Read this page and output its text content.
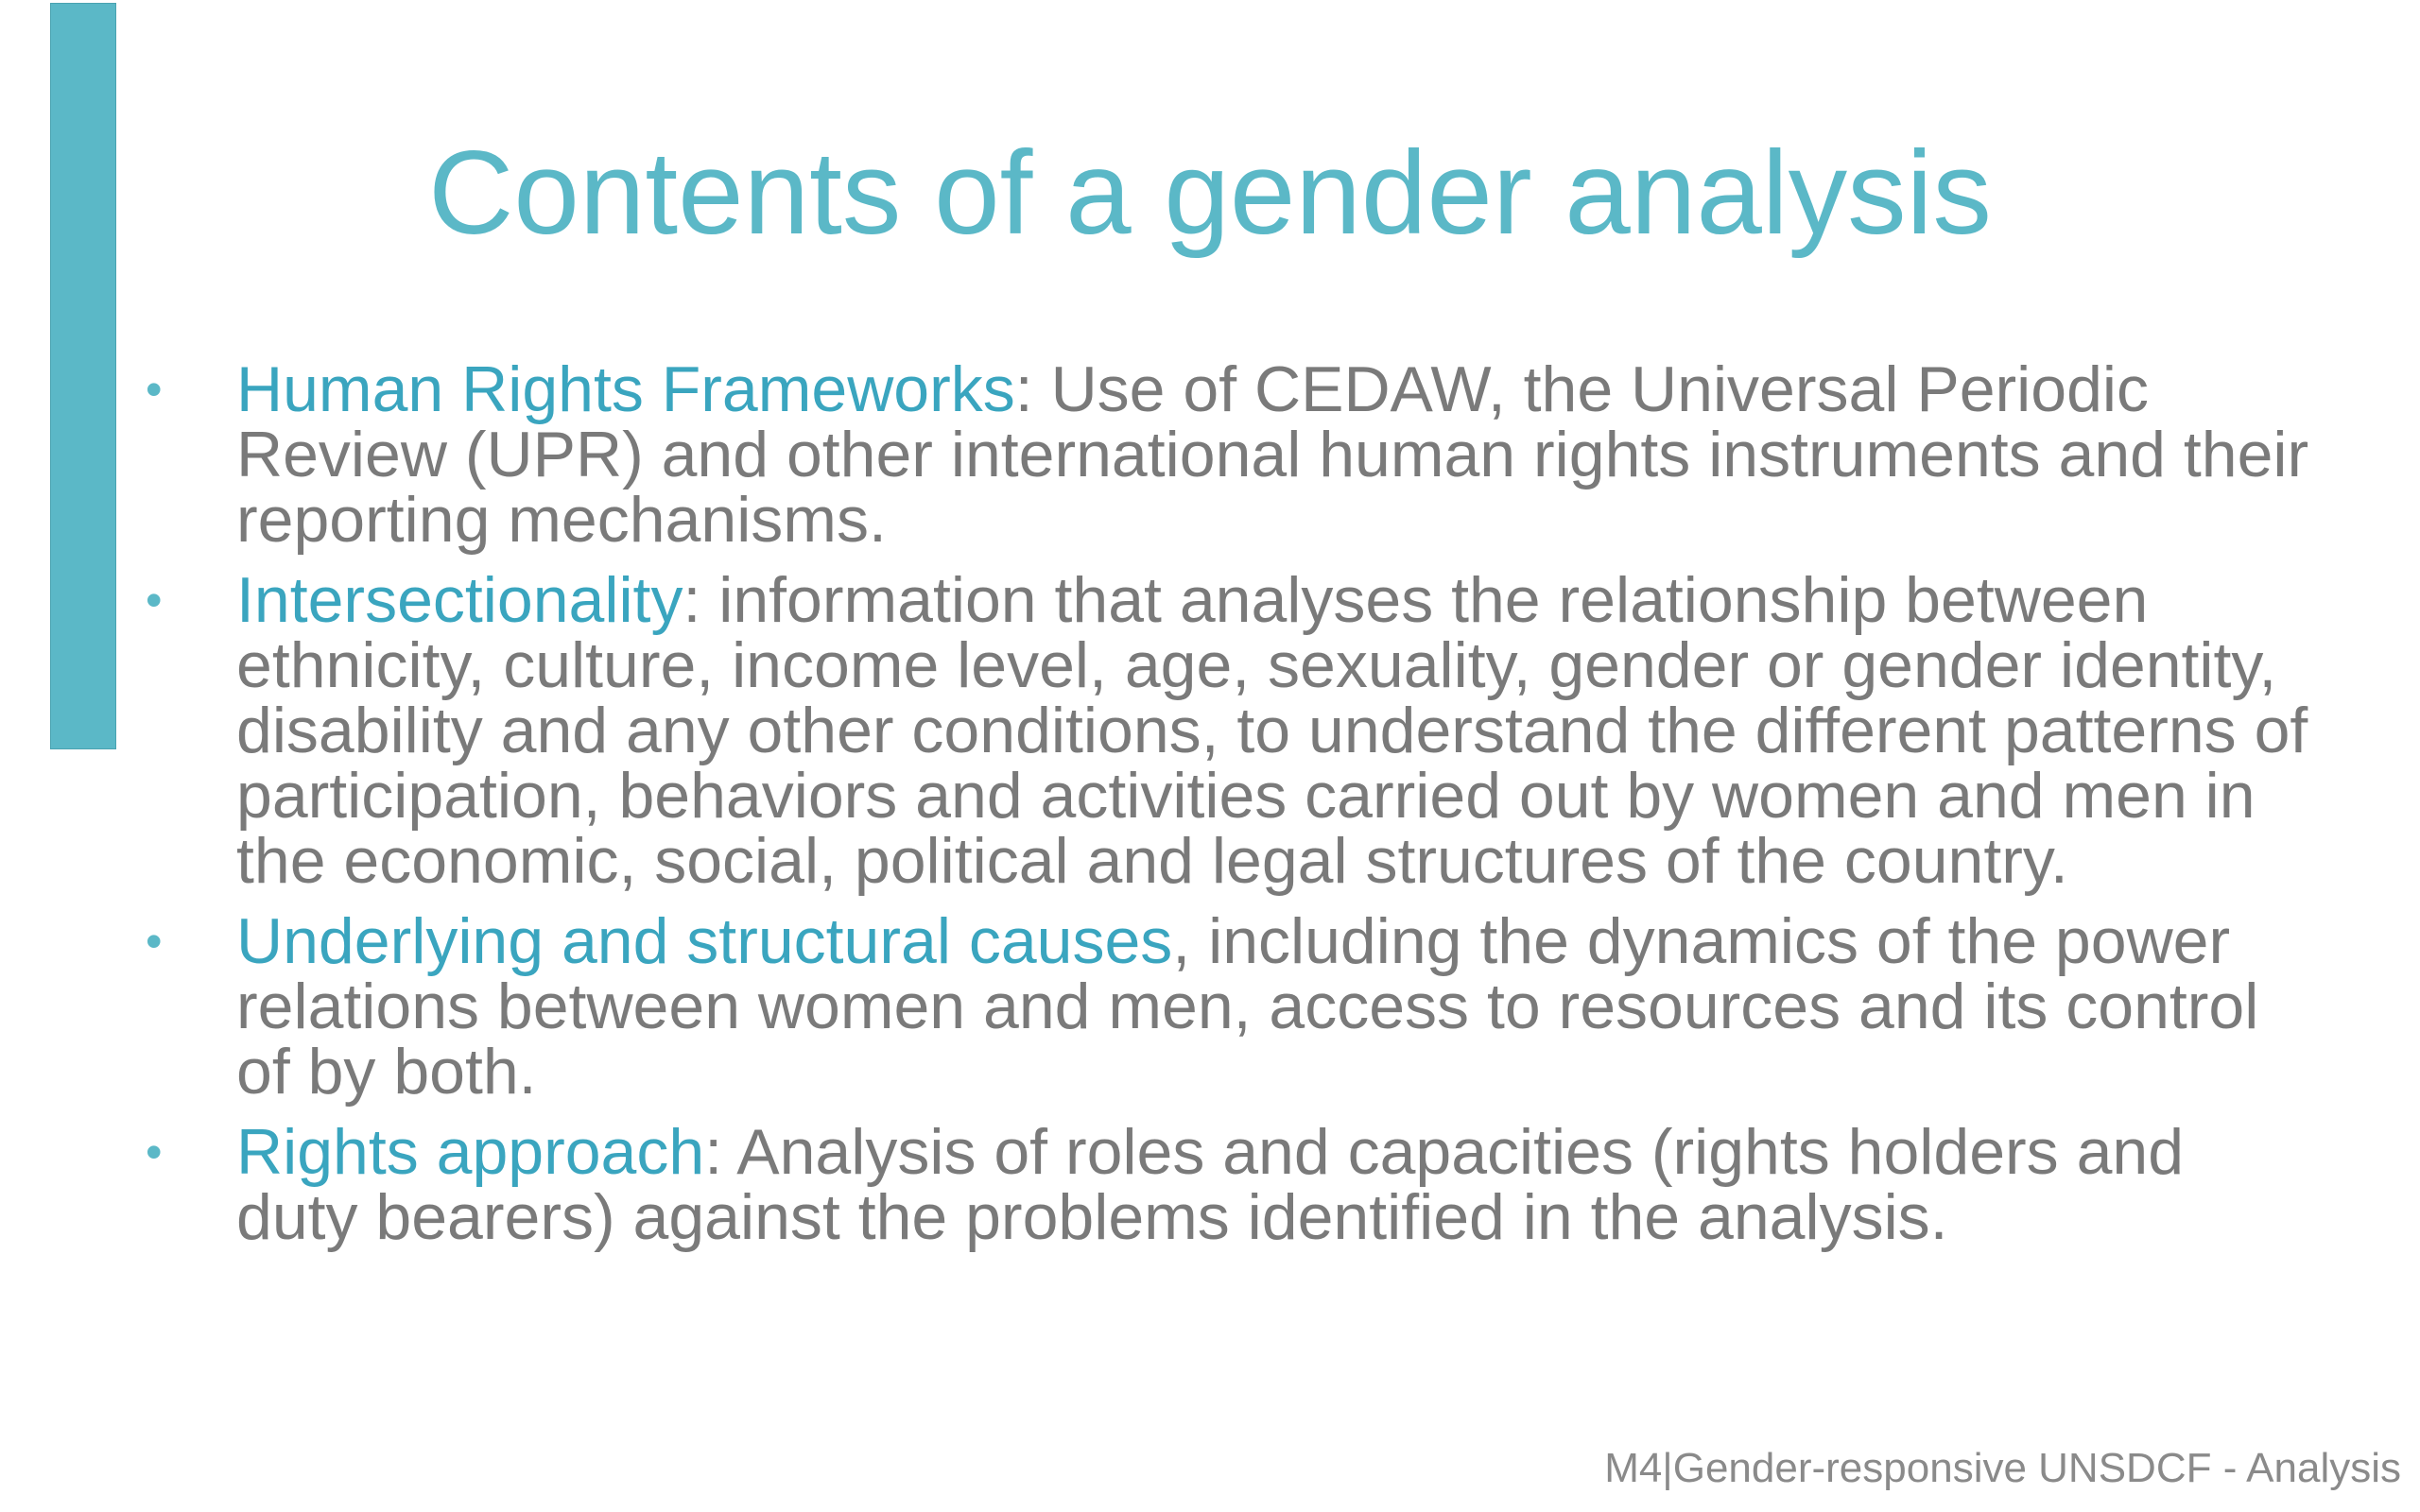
Contents of a gender analysis
• Human Rights Frameworks: Use of CEDAW, the Universal Periodic Review (UPR) and other international human rights instruments and their reporting mechanisms.
• Intersectionality: information that analyses the relationship between ethnicity, culture, income level, age, sexuality, gender or gender identity, disability and any other conditions, to understand the different patterns of participation, behaviors and activities carried out by women and men in the economic, social, political and legal structures of the country.
• Underlying and structural causes, including the dynamics of the power relations between women and men, access to resources and its control of by both.
• Rights approach: Analysis of roles and capacities (rights holders and duty bearers) against the problems identified in the analysis.
M4|Gender-responsive UNSDCF - Analysis
